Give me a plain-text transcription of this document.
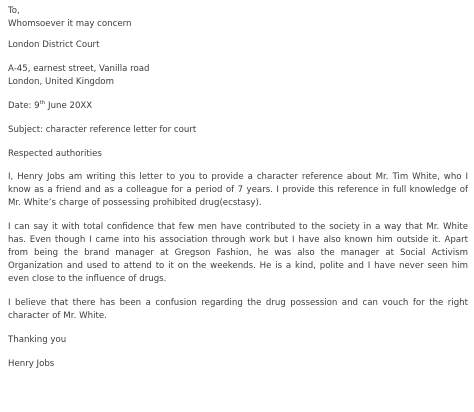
To,
Whomsoever it may concern
London District Court
A-45, earnest street, Vanilla road
London, United Kingdom
Date: 9th June 20XX
Subject: character reference letter for court
Respected authorities
I, Henry Jobs am writing this letter to you to provide a character reference about Mr. Tim White, who I know as a friend and as a colleague for a period of 7 years. I provide this reference in full knowledge of Mr. White’s charge of possessing prohibited drug(ecstasy).
I can say it with total confidence that few men have contributed to the society in a way that Mr. White has. Even though I came into his association through work but I have also known him outside it. Apart from being the brand manager at Gregson Fashion, he was also the manager at Social Activism Organization and used to attend to it on the weekends. He is a kind, polite and I have never seen him even close to the influence of drugs.
I believe that there has been a confusion regarding the drug possession and can vouch for the right character of Mr. White.
Thanking you
Henry Jobs
